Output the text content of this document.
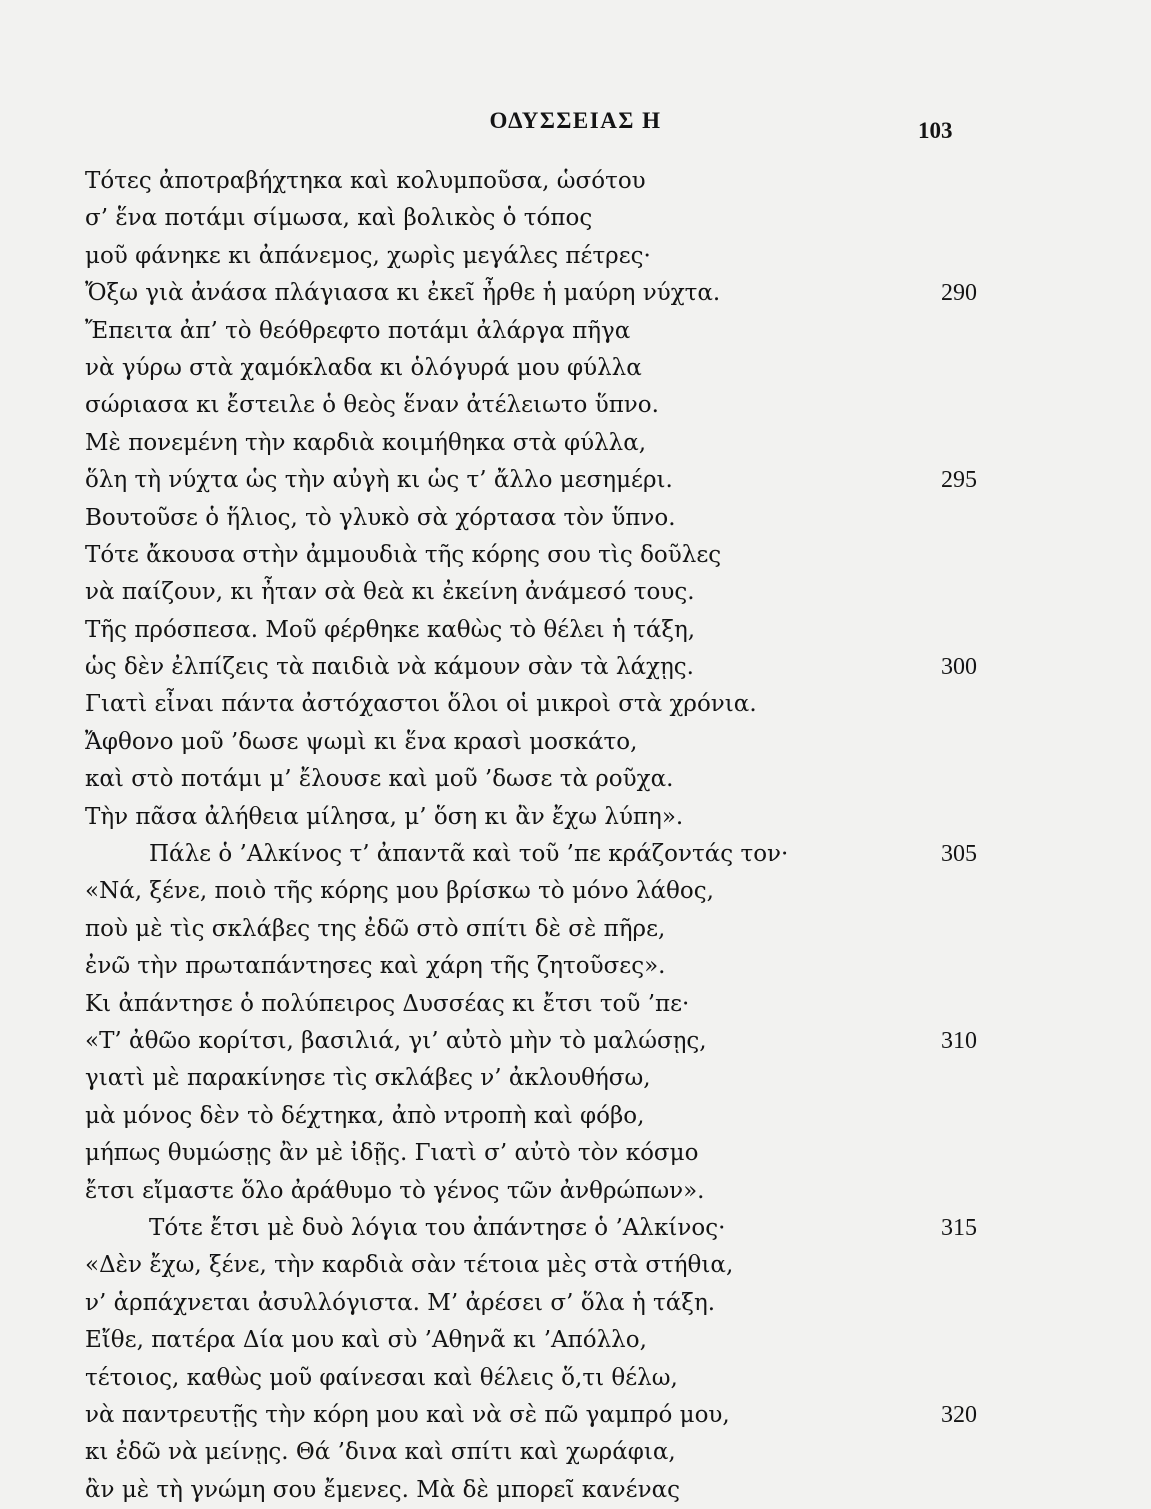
ΟΔΥΣΣΕΙΑΣ Η	103
Τότες ἀποτραβήχτηκα καὶ κολυμποῦσα, ὡσότου
σ’ ἕνα ποτάμι σίμωσα, καὶ βολικὸς ὁ τόπος
μοῦ φάνηκε κι ἀπάνεμος, χωρὶς μεγάλες πέτρες·
Ὄξω γιὰ ἀνάσα πλάγιασα κι ἐκεῖ ἦρθε ἡ μαύρη νύχτα.	290
Ἔπειτα ἀπ’ τὸ θεόθρεφτο ποτάμι ἀλάργα πῆγα
νὰ γύρω στὰ χαμόκλαδα κι ὁλόγυρά μου φύλλα
σώριασα κι ἔστειλε ὁ θεὸς ἕναν ἀτέλειωτο ὕπνο.
Μὲ πονεμένη τὴν καρδιὰ κοιμήθηκα στὰ φύλλα,
ὅλη τὴ νύχτα ὡς τὴν αὐγὴ κι ὡς τ’ ἄλλο μεσημέρι.	295
Βουτοῦσε ὁ ἥλιος, τὸ γλυκὸ σὰ χόρτασα τὸν ὕπνο.
Τότε ἄκουσα στὴν ἀμμουδιὰ τῆς κόρης σου τὶς δοῦλες
νὰ παίζουν, κι ἦταν σὰ θεὰ κι ἐκείνη ἀνάμεσό τους.
Τῆς πρόσπεσα. Μοῦ φέρθηκε καθὼς τὸ θέλει ἡ τάξη,
ὡς δὲν ἐλπίζεις τὰ παιδιὰ νὰ κάμουν σὰν τὰ λάχῃς.	300
Γιατὶ εἶναι πάντα ἀστόχαστοι ὅλοι οἱ μικροὶ στὰ χρόνια.
Ἄφθονο μοῦ ’δωσε ψωμὶ κι ἕνα κρασὶ μοσκάτο,
καὶ στὸ ποτάμι μ’ ἔλουσε καὶ μοῦ ’δωσε τὰ ροῦχα.
Τὴν πᾶσα ἀλήθεια μίλησα, μ’ ὅση κι ἂν ἔχω λύπη».
Πάλε ὁ ’Αλκίνος τ’ ἀπαντᾶ καὶ τοῦ ’πε κράζοντάς τον·	305
«Νά, ξένε, ποιὸ τῆς κόρης μου βρίσκω τὸ μόνο λάθος,
ποὺ μὲ τὶς σκλάβες της ἐδῶ στὸ σπίτι δὲ σὲ πῆρε,
ἐνῶ τὴν πρωταπάντησες καὶ χάρη τῆς ζητοῦσες».
Κι ἀπάντησε ὁ πολύπειρος Δυσσέας κι ἔτσι τοῦ ’πε·
«Τ’ ἀθῶο κορίτσι, βασιλιά, γι’ αὐτὸ μὴν τὸ μαλώσῃς,	310
γιατὶ μὲ παρακίνησε τὶς σκλάβες ν’ ἀκλουθήσω,
μὰ μόνος δὲν τὸ δέχτηκα, ἀπὸ ντροπὴ καὶ φόβο,
μήπως θυμώσῃς ἂν μὲ ἰδῇς. Γιατὶ σ’ αὐτὸ τὸν κόσμο
ἔτσι εἴμαστε ὅλο ἀράθυμο τὸ γένος τῶν ἀνθρώπων».
Τότε ἔτσι μὲ δυὸ λόγια του ἀπάντησε ὁ ’Αλκίνος·	315
«Δὲν ἔχω, ξένε, τὴν καρδιὰ σὰν τέτοια μὲς στὰ στήθια,
ν’ ἁρπάχνεται ἀσυλλόγιστα. Μ’ ἀρέσει σ’ ὅλα ἡ τάξη.
Εἴθε, πατέρα Δία μου καὶ σὺ ’Αθηνᾶ κι ’Απόλλο,
τέτοιος, καθὼς μοῦ φαίνεσαι καὶ θέλεις ὅ,τι θέλω,
νὰ παντρευτῇς τὴν κόρη μου καὶ νὰ σὲ πῶ γαμπρό μου,	320
κι ἐδῶ νὰ μείνῃς. Θά ’δινα καὶ σπίτι καὶ χωράφια,
ἂν μὲ τὴ γνώμη σου ἔμενες. Μὰ δὲ μπορεῖ κανένας
